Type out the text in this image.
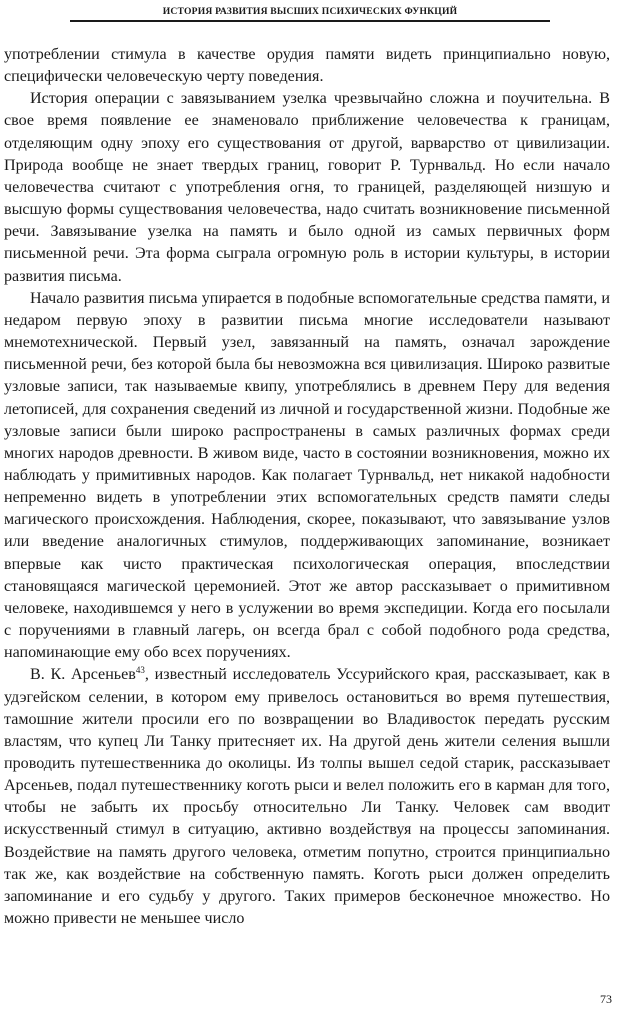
ИСТОРИЯ РАЗВИТИЯ ВЫСШИХ ПСИХИЧЕСКИХ ФУНКЦИЙ

употреблении стимула в качестве орудия памяти видеть принципиально новую, специфически человеческую черту поведения.

История операции с завязыванием узелка чрезвычайно сложна и поучительна. В свое время появление ее знаменовало приближение человечества к границам, отделяющим одну эпоху его существования от другой, варварство от цивилизации. Природа вообще не знает твердых границ, говорит Р. Турнвальд. Но если начало человечества считают с употребления огня, то границей, разделяющей низшую и высшую формы существования человечества, надо считать возникновение письменной речи. Завязывание узелка на память и было одной из самых первичных форм письменной речи. Эта форма сыграла огромную роль в истории культуры, в истории развития письма.

Начало развития письма упирается в подобные вспомогательные средства памяти, и недаром первую эпоху в развитии письма многие исследователи называют мнемотехнической. Первый узел, завязанный на память, означал зарождение письменной речи, без которой была бы невозможна вся цивилизация. Широко развитые узловые записи, так называемые квипу, употреблялись в древнем Перу для ведения летописей, для сохранения сведений из личной и государственной жизни. Подобные же узловые записи были широко распространены в самых различных формах среди многих народов древности. В живом виде, часто в состоянии возникновения, можно их наблюдать у примитивных народов. Как полагает Турнвальд, нет никакой надобности непременно видеть в употреблении этих вспомогательных средств памяти следы магического происхождения. Наблюдения, скорее, показывают, что завязывание узлов или введение аналогичных стимулов, поддерживающих запоминание, возникает впервые как чисто практическая психологическая операция, впоследствии становящаяся магической церемонией. Этот же автор рассказывает о примитивном человеке, находившемся у него в услужении во время экспедиции. Когда его посылали с поручениями в главный лагерь, он всегда брал с собой подобного рода средства, напоминающие ему обо всех поручениях.

В. К. Арсеньев$^{43}$, известный исследователь Уссурийского края, рассказывает, как в удэгейском селении, в котором ему привелось остановиться во время путешествия, тамошние жители просили его по возвращении во Владивосток передать русским властям, что купец Ли Танку притесняет их. На другой день жители селения вышли проводить путешественника до околицы. Из толпы вышел седой старик, рассказывает Арсеньев, подал путешественнику коготь рыси и велел положить его в карман для того, чтобы не забыть их просьбу относительно Ли Танку. Человек сам вводит искусственный стимул в ситуацию, активно воздействуя на процессы запоминания. Воздействие на память другого человека, отметим попутно, строится принципиально так же, как воздействие на собственную память. Коготь рыси должен определить запоминание и его судьбу у другого. Таких примеров бесконечное множество. Но можно привести не меньшее число

73
